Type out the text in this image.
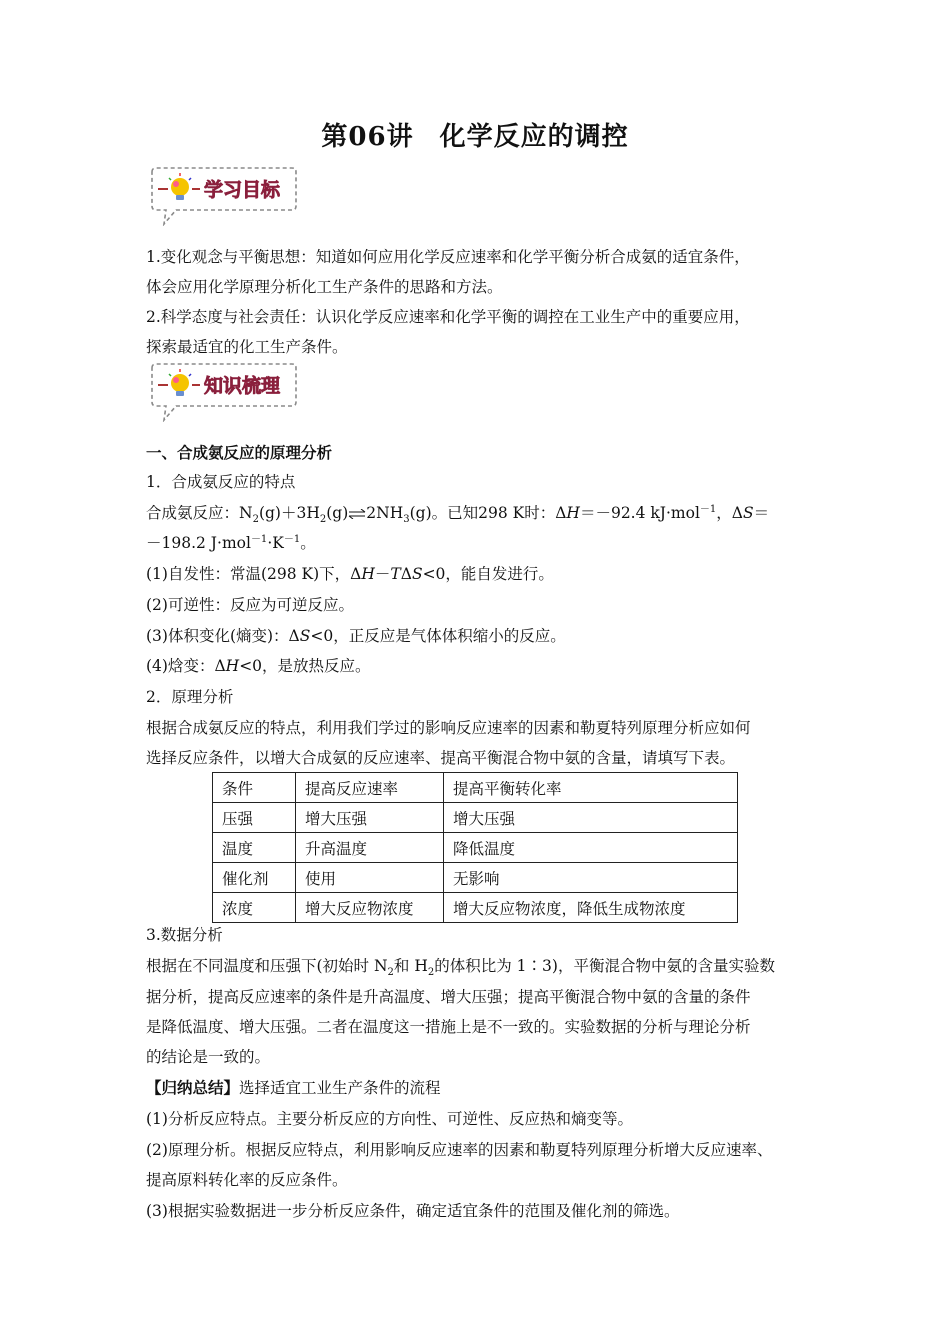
第06讲 化学反应的调控
学习目标
1.变化观念与平衡思想：知道如何应用化学反应速率和化学平衡分析合成氨的适宜条件，
体会应用化学原理分析化工生产条件的思路和方法。
2.科学态度与社会责任：认识化学反应速率和化学平衡的调控在工业生产中的重要应用，
探索最适宜的化工生产条件。
知识梳理
一、合成氨反应的原理分析
1．合成氨反应的特点
合成氨反应：$N_2(g)+3H_2(g)\rightleftharpoons 2NH_3(g)$。已知298 K时：ΔH＝－92.4 kJ·mol$^{-1}$，ΔS＝
－198.2 $J\cdot mol^{-1}\cdot K^{-1}$。
(1)自发性：常温(298 K)下，ΔH－TΔS<0，能自发进行。
(2)可逆性：反应为可逆反应。
(3)体积变化(熵变)：ΔS<0，正反应是气体体积缩小的反应。
(4)焓变：ΔH<0，是放热反应。
2．原理分析
根据合成氨反应的特点，利用我们学过的影响反应速率的因素和勒夏特列原理分析应如何
选择反应条件，以增大合成氨的反应速率、提高平衡混合物中氨的含量，请填写下表。
条件	提高反应速率	提高平衡转化率
压强	增大压强	增大压强
温度	升高温度	降低温度
催化剂	使用	无影响
浓度	增大反应物浓度	增大反应物浓度，降低生成物浓度
3.数据分析
根据在不同温度和压强下(初始时 $N_2$和 $H_2$的体积比为 1∶3)，平衡混合物中氨的含量实验数
据分析，提高反应速率的条件是升高温度、增大压强；提高平衡混合物中氨的含量的条件
是降低温度、增大压强。二者在温度这一措施上是不一致的。实验数据的分析与理论分析
的结论是一致的。
【归纳总结】选择适宜工业生产条件的流程
(1)分析反应特点。主要分析反应的方向性、可逆性、反应热和熵变等。
(2)原理分析。根据反应特点，利用影响反应速率的因素和勒夏特列原理分析增大反应速率、
提高原料转化率的反应条件。
(3)根据实验数据进一步分析反应条件，确定适宜条件的范围及催化剂的筛选。
